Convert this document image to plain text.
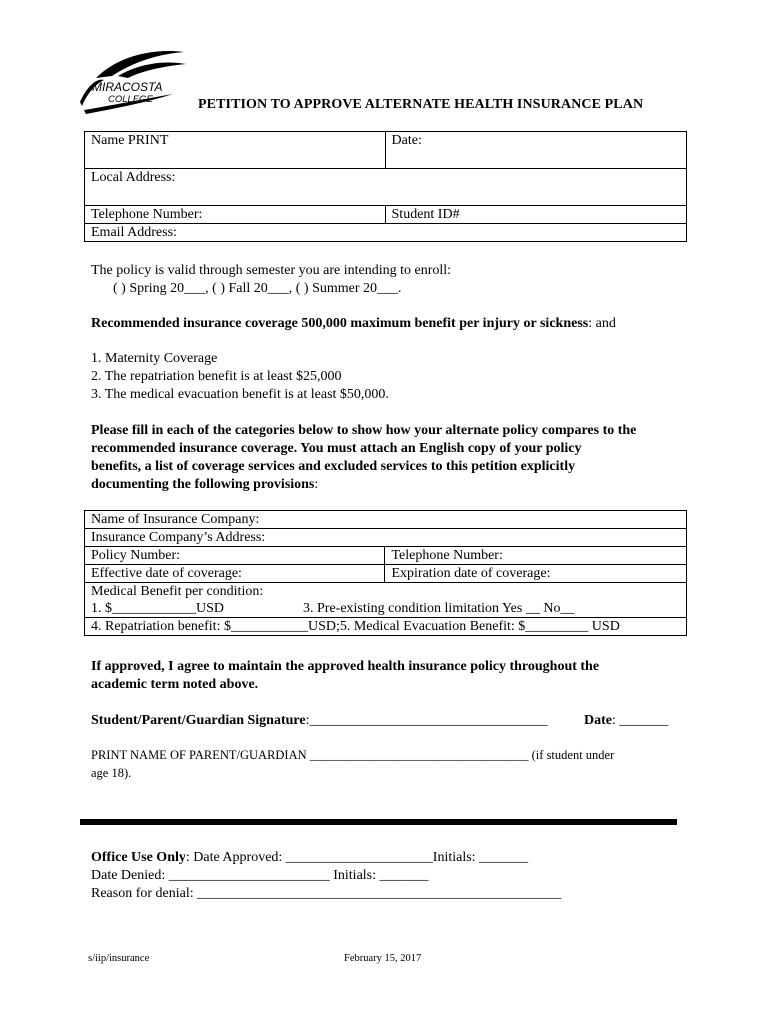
MIRACOSTA
COLLEGE	PETITION TO APPROVE ALTERNATE HEALTH INSURANCE PLAN
Name PRINT	Date:
Local Address:	
Telephone Number:	Student ID#
Email Address:	
The policy is valid through semester you are intending to enroll:
( ) Spring 20___, ( ) Fall 20___, ( ) Summer 20___.
Recommended insurance coverage 500,000 maximum benefit per injury or sickness: and
1. Maternity Coverage
2. The repatriation benefit is at least $25,000
3. The medical evacuation benefit is at least $50,000.
Please fill in each of the categories below to show how your alternate policy compares to the
recommended insurance coverage. You must attach an English copy of your policy
benefits, a list of coverage services and excluded services to this petition explicitly
documenting the following provisions:
Name of Insurance Company:	
Insurance Company’s Address:	
Policy Number:	Telephone Number:
Effective date of coverage:	Expiration date of coverage:

Medical Benefit per condition:
1. $____________USD 3. Pre-existing condition limitation Yes __ No__	

4. Repatriation benefit: $___________USD;5. Medical Evacuation Benefit: $_________ USD	
If approved, I agree to maintain the approved health insurance policy throughout the
academic term noted above.
Student/Parent/Guardian Signature:__________________________________	Date: _______
PRINT NAME OF PARENT/GUARDIAN ___________________________________ (if student under
age 18).
Office Use Only: Date Approved: _____________________Initials: _______
Date Denied: _______________________ Initials: _______
Reason for denial: ____________________________________________________
s/iip/insurance	February 15, 2017
